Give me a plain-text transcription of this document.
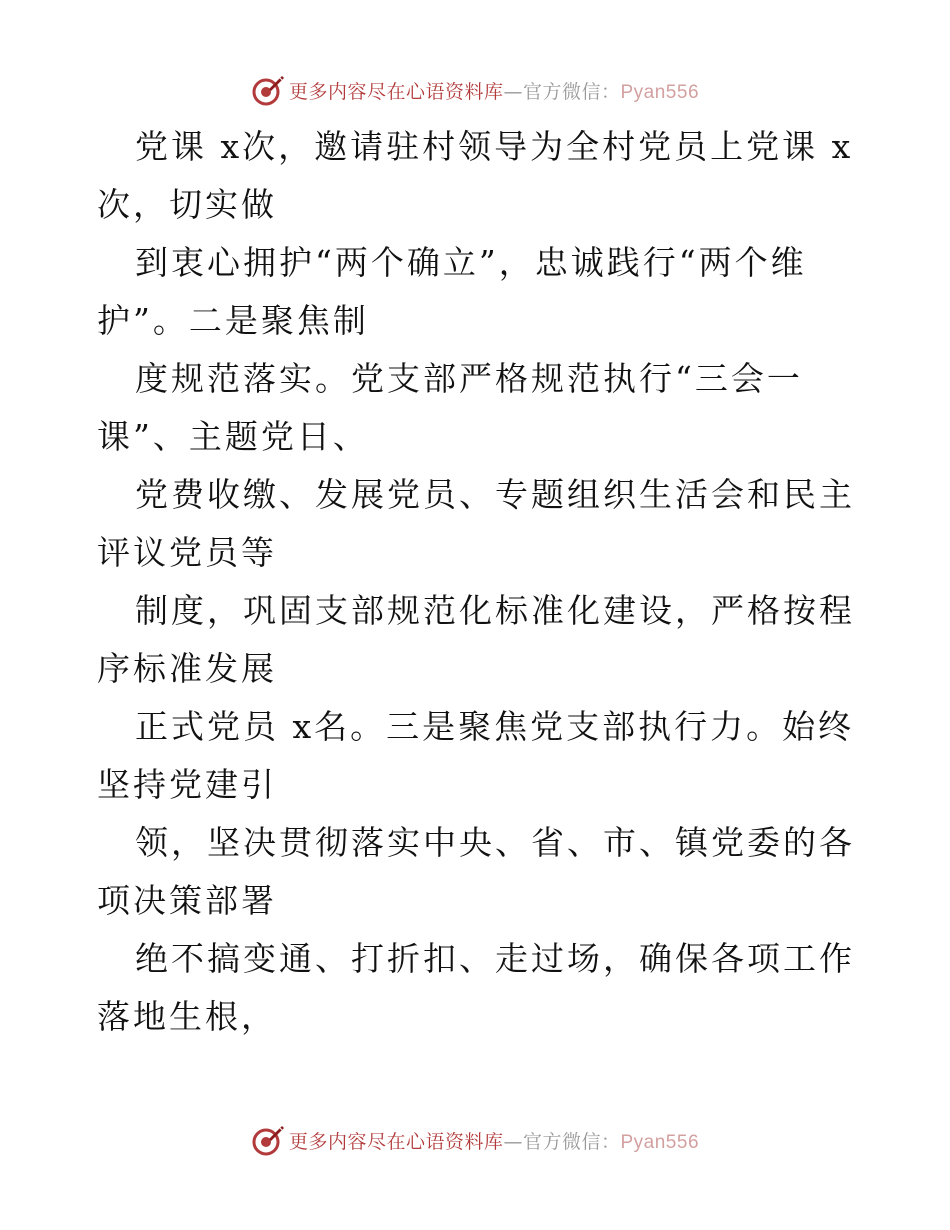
更多内容尽在心语资料库—官方微信：Pyan556

党课 x次，邀请驻村领导为全村党员上党课 x次，切实做

到衷心拥护“两个确立”，忠诚践行“两个维护”。二是聚焦制

度规范落实。党支部严格规范执行“三会一课”、主题党日、

党费收缴、发展党员、专题组织生活会和民主评议党员等

制度，巩固支部规范化标准化建设，严格按程序标准发展

正式党员 x名。三是聚焦党支部执行力。始终坚持党建引

领，坚决贯彻落实中央、省、市、镇党委的各项决策部署

绝不搞变通、打折扣、走过场，确保各项工作落地生根，

更多内容尽在心语资料库—官方微信：Pyan556
